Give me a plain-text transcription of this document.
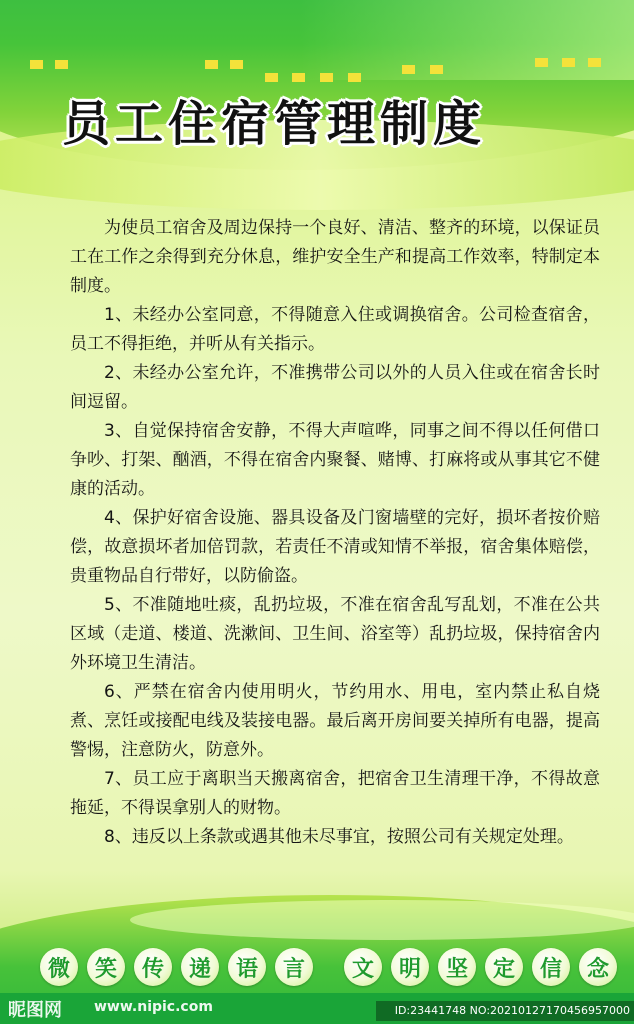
员工住宿管理制度

为使员工宿舍及周边保持一个良好、清洁、整齐的环境，以保证员工在工作之余得到充分休息，维护安全生产和提高工作效率，特制定本制度。

1、未经办公室同意，不得随意入住或调换宿舍。公司检查宿舍，员工不得拒绝，并听从有关指示。

2、未经办公室允许，不准携带公司以外的人员入住或在宿舍长时间逗留。

3、自觉保持宿舍安静，不得大声喧哗，同事之间不得以任何借口争吵、打架、酗酒，不得在宿舍内聚餐、赌博、打麻将或从事其它不健康的活动。

4、保护好宿舍设施、器具设备及门窗墙壁的完好，损坏者按价赔偿，故意损坏者加倍罚款，若责任不清或知情不举报，宿舍集体赔偿，贵重物品自行带好，以防偷盗。

5、不准随地吐痰，乱扔垃圾，不准在宿舍乱写乱划，不准在公共区域（走道、楼道、洗漱间、卫生间、浴室等）乱扔垃圾，保持宿舍内外环境卫生清洁。

6、严禁在宿舍内使用明火，节约用水、用电，室内禁止私自烧煮、烹饪或接配电线及装接电器。最后离开房间要关掉所有电器，提高警惕，注意防火，防意外。

7、员工应于离职当天搬离宿舍，把宿舍卫生清理干净，不得故意拖延，不得误拿别人的财物。

8、违反以上条款或遇其他未尽事宜，按照公司有关规定处理。

微	笑	传	递	语	言	文	明	坚	定	信	念
昵图网 www.nipic.com	ID:23441748 NO:20210127170456957000
